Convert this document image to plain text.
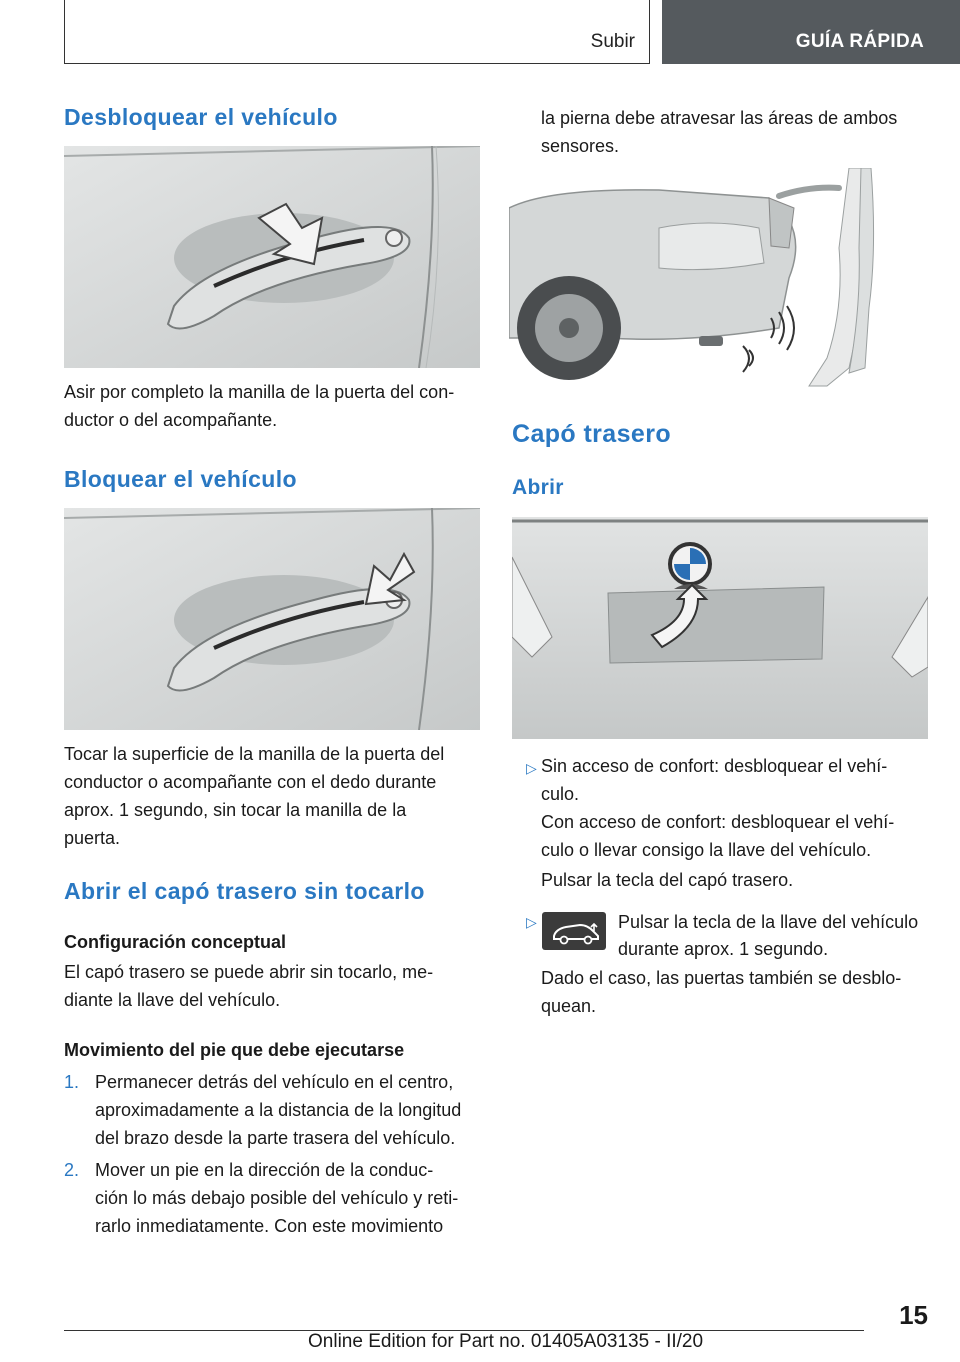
Subir	GUÍA RÁPIDA
Desbloquear el vehículo
Asir por completo la manilla de la puerta del con-
ductor o del acompañante.
Bloquear el vehículo
Tocar la superficie de la manilla de la puerta del
conductor o acompañante con el dedo durante
aprox. 1 segundo, sin tocar la manilla de la
puerta.
Abrir el capó trasero sin tocarlo
Configuración conceptual
El capó trasero se puede abrir sin tocarlo, me-
diante la llave del vehículo.
Movimiento del pie que debe ejecutarse
1. Permanecer detrás del vehículo en el centro,
aproximadamente a la distancia de la longitud
del brazo desde la parte trasera del vehículo.
2. Mover un pie en la dirección de la conduc-
ción lo más debajo posible del vehículo y reti-
rarlo inmediatamente. Con este movimiento
la pierna debe atravesar las áreas de ambos
sensores.
Capó trasero
Abrir
▷ Sin acceso de confort: desbloquear el vehí-
culo.
Con acceso de confort: desbloquear el vehí-
culo o llevar consigo la llave del vehículo.
Pulsar la tecla del capó trasero.
▷	Pulsar la tecla de la llave del vehículo
durante aprox. 1 segundo.
Dado el caso, las puertas también se desblo-
quean.
15
Online Edition for Part no. 01405A03135 - II/20
